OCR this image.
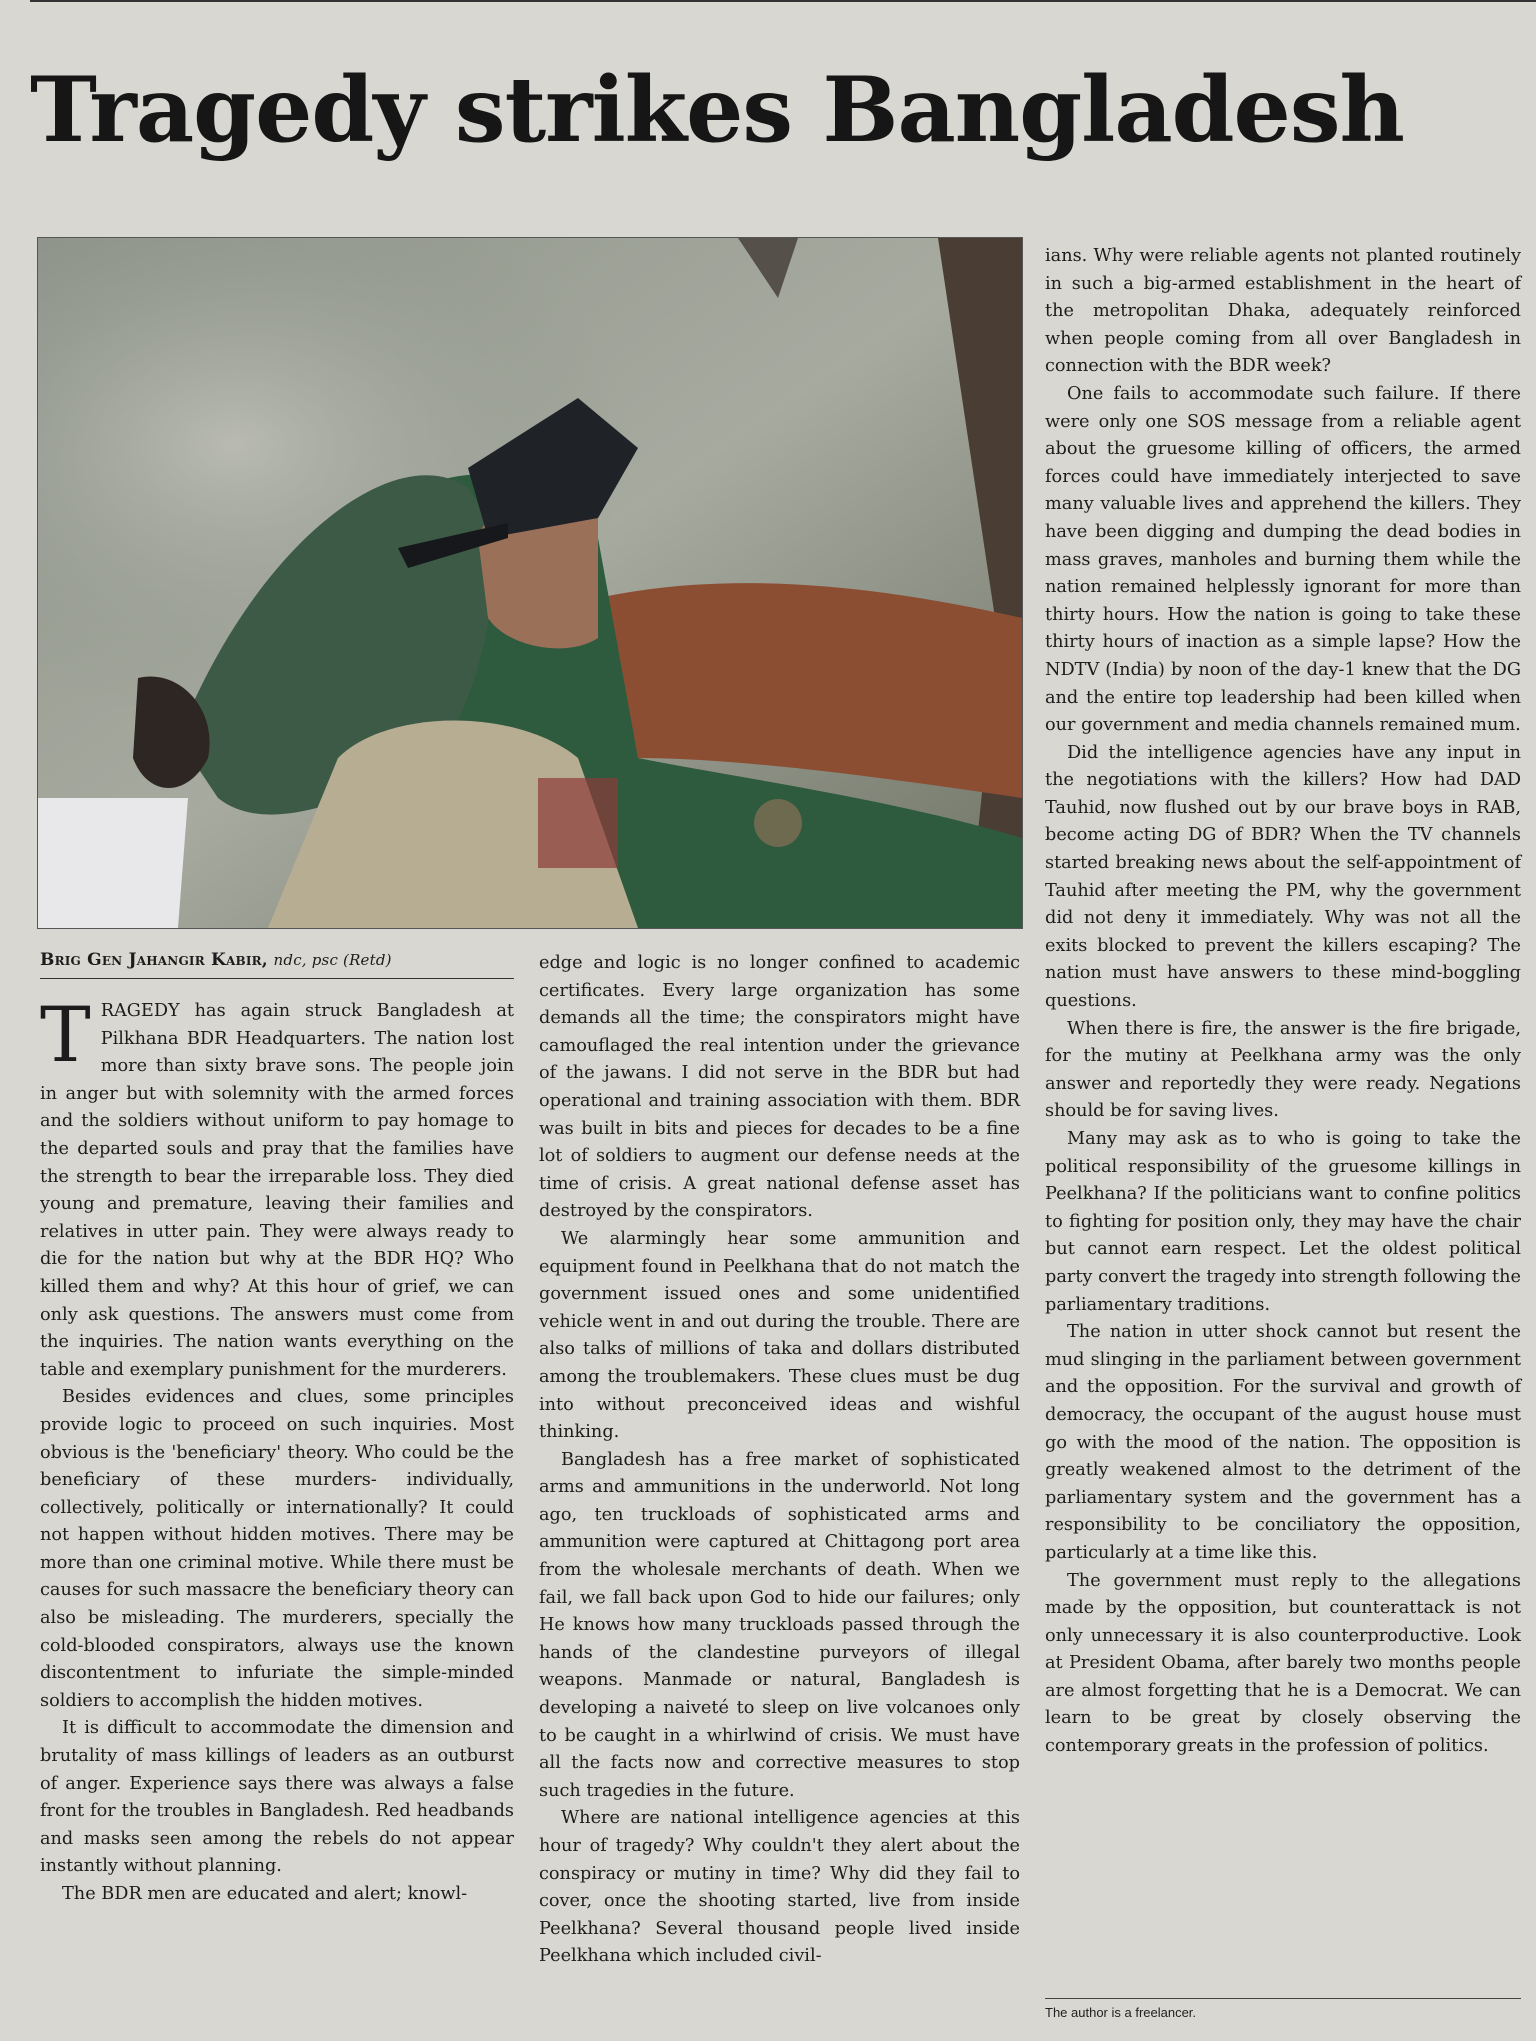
Tragedy strikes Bangladesh
Brig Gen Jahangir Kabir, ndc, psc (Retd)

TRAGEDY has again struck Bangladesh at Pilkhana BDR Headquarters. The nation lost more than sixty brave sons. The people join in anger but with solemnity with the armed forces and the soldiers without uniform to pay homage to the departed souls and pray that the families have the strength to bear the irreparable loss. They died young and premature, leaving their families and relatives in utter pain. They were always ready to die for the nation but why at the BDR HQ? Who killed them and why? At this hour of grief, we can only ask questions. The answers must come from the inquiries. The nation wants everything on the table and exemplary punishment for the murderers.

Besides evidences and clues, some principles provide logic to proceed on such inquiries. Most obvious is the 'beneficiary' theory. Who could be the beneficiary of these murders- individually, collectively, politically or internationally? It could not happen without hidden motives. There may be more than one criminal motive. While there must be causes for such massacre the beneficiary theory can also be misleading. The murderers, specially the cold-blooded conspirators, always use the known discontentment to infuriate the simple-minded soldiers to accomplish the hidden motives.

It is difficult to accommodate the dimension and brutality of mass killings of leaders as an outburst of anger. Experience says there was always a false front for the troubles in Bangladesh. Red headbands and masks seen among the rebels do not appear instantly without planning.

The BDR men are educated and alert; knowl-

edge and logic is no longer confined to academic certificates. Every large organization has some demands all the time; the conspirators might have camouflaged the real intention under the grievance of the jawans. I did not serve in the BDR but had operational and training association with them. BDR was built in bits and pieces for decades to be a fine lot of soldiers to augment our defense needs at the time of crisis. A great national defense asset has destroyed by the conspirators.

We alarmingly hear some ammunition and equipment found in Peelkhana that do not match the government issued ones and some unidentified vehicle went in and out during the trouble. There are also talks of millions of taka and dollars distributed among the troublemakers. These clues must be dug into without preconceived ideas and wishful thinking.

Bangladesh has a free market of sophisticated arms and ammunitions in the underworld. Not long ago, ten truckloads of sophisticated arms and ammunition were captured at Chittagong port area from the wholesale merchants of death. When we fail, we fall back upon God to hide our failures; only He knows how many truckloads passed through the hands of the clandestine purveyors of illegal weapons. Manmade or natural, Bangladesh is developing a naiveté to sleep on live volcanoes only to be caught in a whirlwind of crisis. We must have all the facts now and corrective measures to stop such tragedies in the future.

Where are national intelligence agencies at this hour of tragedy? Why couldn't they alert about the conspiracy or mutiny in time? Why did they fail to cover, once the shooting started, live from inside Peelkhana? Several thousand people lived inside Peelkhana which included civil-

ians. Why were reliable agents not planted routinely in such a big-armed establishment in the heart of the metropolitan Dhaka, adequately reinforced when people coming from all over Bangladesh in connection with the BDR week?

One fails to accommodate such failure. If there were only one SOS message from a reliable agent about the gruesome killing of officers, the armed forces could have immediately interjected to save many valuable lives and apprehend the killers. They have been digging and dumping the dead bodies in mass graves, manholes and burning them while the nation remained helplessly ignorant for more than thirty hours. How the nation is going to take these thirty hours of inaction as a simple lapse? How the NDTV (India) by noon of the day-1 knew that the DG and the entire top leadership had been killed when our government and media channels remained mum.

Did the intelligence agencies have any input in the negotiations with the killers? How had DAD Tauhid, now flushed out by our brave boys in RAB, become acting DG of BDR? When the TV channels started breaking news about the self-appointment of Tauhid after meeting the PM, why the government did not deny it immediately. Why was not all the exits blocked to prevent the killers escaping? The nation must have answers to these mind-boggling questions.

When there is fire, the answer is the fire brigade, for the mutiny at Peelkhana army was the only answer and reportedly they were ready. Negations should be for saving lives.

Many may ask as to who is going to take the political responsibility of the gruesome killings in Peelkhana? If the politicians want to confine politics to fighting for position only, they may have the chair but cannot earn respect. Let the oldest political party convert the tragedy into strength following the parliamentary traditions.

The nation in utter shock cannot but resent the mud slinging in the parliament between government and the opposition. For the survival and growth of democracy, the occupant of the august house must go with the mood of the nation. The opposition is greatly weakened almost to the detriment of the parliamentary system and the government has a responsibility to be conciliatory the opposition, particularly at a time like this.

The government must reply to the allegations made by the opposition, but counterattack is not only unnecessary it is also counterproductive. Look at President Obama, after barely two months people are almost forgetting that he is a Democrat. We can learn to be great by closely observing the contemporary greats in the profession of politics.

The author is a freelancer.
